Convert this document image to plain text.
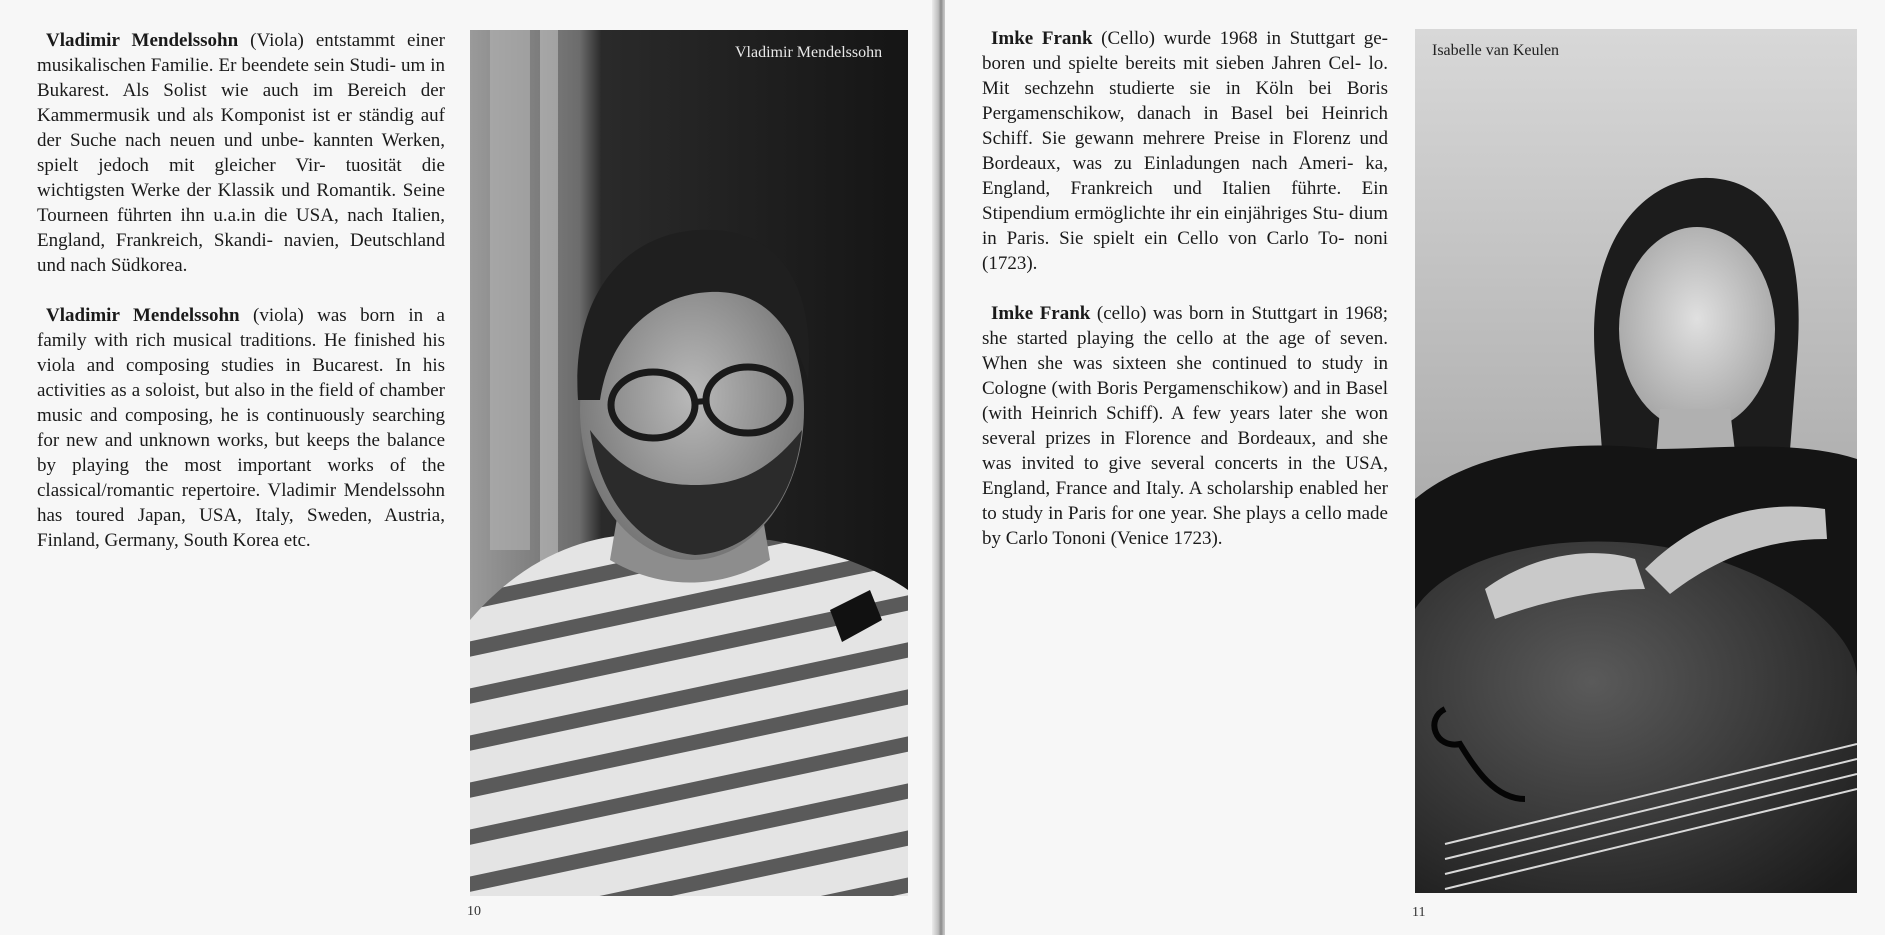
Vladimir Mendelssohn (Viola) entstammt einer musikalischen Familie. Er beendete sein Studi- um in Bukarest. Als Solist wie auch im Bereich der Kammermusik und als Komponist ist er ständig auf der Suche nach neuen und unbe- kannten Werken, spielt jedoch mit gleicher Vir- tuosität die wichtigsten Werke der Klassik und Romantik. Seine Tourneen führten ihn u.a.in die USA, nach Italien, England, Frankreich, Skandi- navien, Deutschland und nach Südkorea.

Vladimir Mendelssohn (viola) was born in a family with rich musical traditions. He finished his viola and composing studies in Bucarest. In his activities as a soloist, but also in the field of chamber music and composing, he is continuously searching for new and unknown works, but keeps the balance by playing the most important works of the classical/romantic repertoire. Vladimir Mendelssohn has toured Japan, USA, Italy, Sweden, Austria, Finland, Germany, South Korea etc.

Vladimir Mendelssohn
10

Imke Frank (Cello) wurde 1968 in Stuttgart ge- boren und spielte bereits mit sieben Jahren Cel- lo. Mit sechzehn studierte sie in Köln bei Boris Pergamenschikow, danach in Basel bei Heinrich Schiff. Sie gewann mehrere Preise in Florenz und Bordeaux, was zu Einladungen nach Ameri- ka, England, Frankreich und Italien führte. Ein Stipendium ermöglichte ihr ein einjähriges Stu- dium in Paris. Sie spielt ein Cello von Carlo To- noni (1723).

Imke Frank (cello) was born in Stuttgart in 1968; she started playing the cello at the age of seven. When she was sixteen she continued to study in Cologne (with Boris Pergamenschikow) and in Basel (with Heinrich Schiff). A few years later she won several prizes in Florence and Bordeaux, and she was invited to give several concerts in the USA, England, France and Italy. A scholarship enabled her to study in Paris for one year. She plays a cello made by Carlo Tononi (Venice 1723).

Isabelle van Keulen
11
